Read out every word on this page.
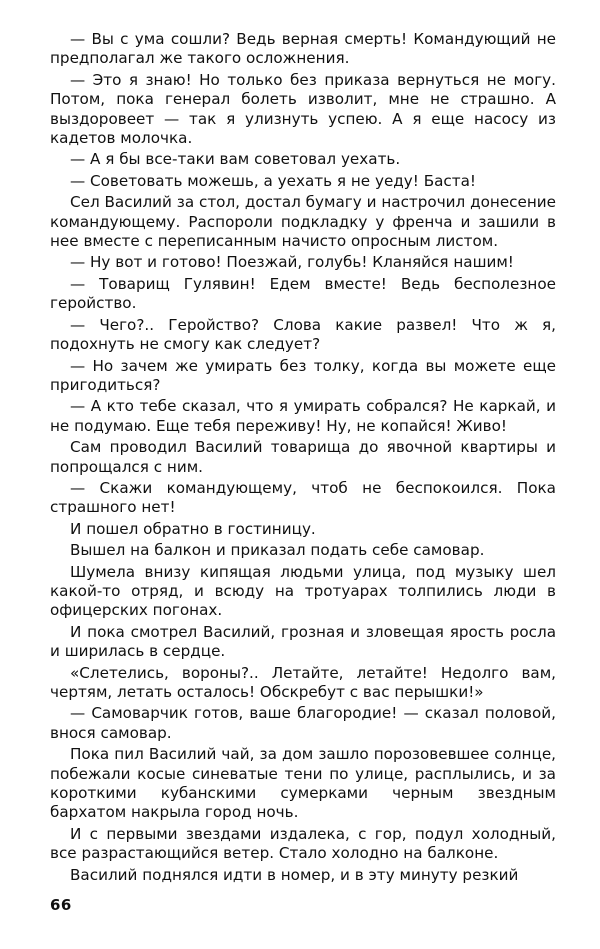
— Вы с ума сошли? Ведь верная смерть! Командующий не предполагал же такого осложнения.

— Это я знаю! Но только без приказа вернуться не могу. Потом, пока генерал болеть изволит, мне не страшно. А выздоровеет — так я улизнуть успею. А я еще насосу из кадетов молочка.

— А я бы все-таки вам советовал уехать.

— Советовать можешь, а уехать я не уеду! Баста!

Сел Василий за стол, достал бумагу и настрочил донесение командующему. Распороли подкладку у френча и зашили в нее вместе с переписанным начисто опросным листом.

— Ну вот и готово! Поезжай, голубь! Кланяйся нашим!

— Товарищ Гулявин! Едем вместе! Ведь бесполезное геройство.

— Чего?.. Геройство? Слова какие развел! Что ж я, подохнуть не смогу как следует?

— Но зачем же умирать без толку, когда вы можете еще пригодиться?

— А кто тебе сказал, что я умирать собрался? Не каркай, и не подумаю. Еще тебя переживу! Ну, не копайся! Живо!

Сам проводил Василий товарища до явочной квартиры и попрощался с ним.

— Скажи командующему, чтоб не беспокоился. Пока страшного нет!

И пошел обратно в гостиницу.

Вышел на балкон и приказал подать себе самовар.

Шумела внизу кипящая людьми улица, под музыку шел какой-то отряд, и всюду на тротуарах толпились люди в офицерских погонах.

И пока смотрел Василий, грозная и зловещая ярость росла и ширилась в сердце.

«Слетелись, вороны?.. Летайте, летайте! Недолго вам, чертям, летать осталось! Обскребут с вас перышки!»

— Самоварчик готов, ваше благородие! — сказал половой, внося самовар.

Пока пил Василий чай, за дом зашло порозовевшее солнце, побежали косые синеватые тени по улице, расплылись, и за короткими кубанскими сумерками черным звездным бархатом накрыла город ночь.

И с первыми звездами издалека, с гор, подул холодный, все разрастающийся ветер. Стало холодно на балконе.

Василий поднялся идти в номер, и в эту минуту резкий

66
